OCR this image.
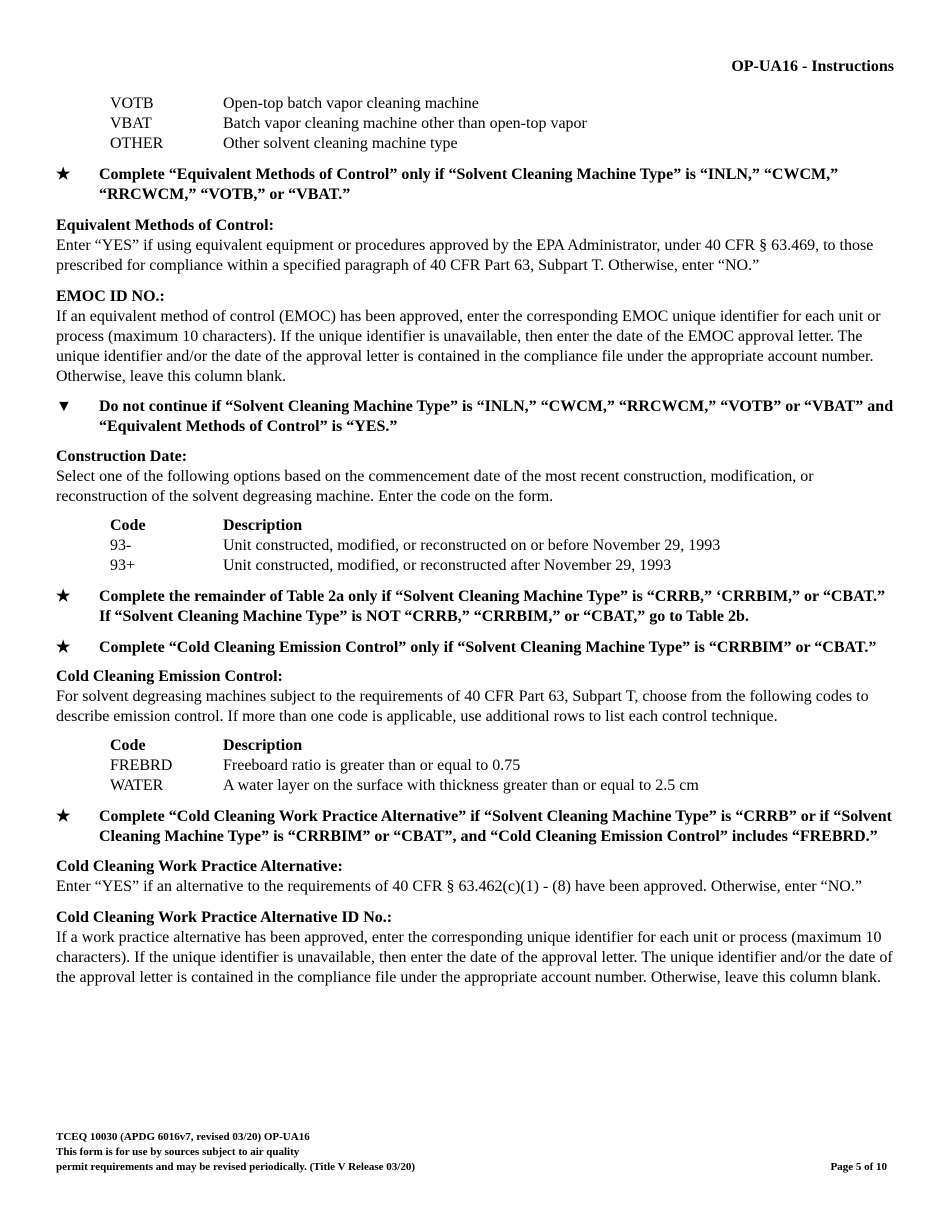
OP-UA16 - Instructions
VOTB	Open-top batch vapor cleaning machine
VBAT	Batch vapor cleaning machine other than open-top vapor
OTHER	Other solvent cleaning machine type
★	Complete “Equivalent Methods of Control” only if “Solvent Cleaning Machine Type” is “INLN,” “CWCM,” “RRCWCM,” “VOTB,” or “VBAT.”
Equivalent Methods of Control:
Enter “YES” if using equivalent equipment or procedures approved by the EPA Administrator, under 40 CFR § 63.469, to those prescribed for compliance within a specified paragraph of 40 CFR Part 63, Subpart T. Otherwise, enter “NO.”
EMOC ID NO.:
If an equivalent method of control (EMOC) has been approved, enter the corresponding EMOC unique identifier for each unit or process (maximum 10 characters). If the unique identifier is unavailable, then enter the date of the EMOC approval letter. The unique identifier and/or the date of the approval letter is contained in the compliance file under the appropriate account number. Otherwise, leave this column blank.
▼	Do not continue if “Solvent Cleaning Machine Type” is “INLN,” “CWCM,” “RRCWCM,” “VOTB” or “VBAT” and “Equivalent Methods of Control” is “YES.”
Construction Date:
Select one of the following options based on the commencement date of the most recent construction, modification, or reconstruction of the solvent degreasing machine. Enter the code on the form.
Code	Description
93-	Unit constructed, modified, or reconstructed on or before November 29, 1993
93+	Unit constructed, modified, or reconstructed after November 29, 1993
★	Complete the remainder of Table 2a only if “Solvent Cleaning Machine Type” is “CRRB,” ‘CRRBIM,” or “CBAT.” If “Solvent Cleaning Machine Type” is NOT “CRRB,” “CRRBIM,” or “CBAT,” go to Table 2b.
★	Complete “Cold Cleaning Emission Control” only if “Solvent Cleaning Machine Type” is “CRRBIM” or “CBAT.”
Cold Cleaning Emission Control:
For solvent degreasing machines subject to the requirements of 40 CFR Part 63, Subpart T, choose from the following codes to describe emission control. If more than one code is applicable, use additional rows to list each control technique.
Code	Description
FREBRD	Freeboard ratio is greater than or equal to 0.75
WATER	A water layer on the surface with thickness greater than or equal to 2.5 cm
★	Complete “Cold Cleaning Work Practice Alternative” if “Solvent Cleaning Machine Type” is “CRRB” or if “Solvent Cleaning Machine Type” is “CRRBIM” or “CBAT”, and “Cold Cleaning Emission Control” includes “FREBRD.”
Cold Cleaning Work Practice Alternative:
Enter “YES” if an alternative to the requirements of 40 CFR § 63.462(c)(1) - (8) have been approved. Otherwise, enter “NO.”
Cold Cleaning Work Practice Alternative ID No.:
If a work practice alternative has been approved, enter the corresponding unique identifier for each unit or process (maximum 10 characters). If the unique identifier is unavailable, then enter the date of the approval letter. The unique identifier and/or the date of the approval letter is contained in the compliance file under the appropriate account number. Otherwise, leave this column blank.
TCEQ 10030 (APDG 6016v7, revised 03/20) OP-UA16
This form is for use by sources subject to air quality
permit requirements and may be revised periodically. (Title V Release 03/20)	Page 5 of 10
